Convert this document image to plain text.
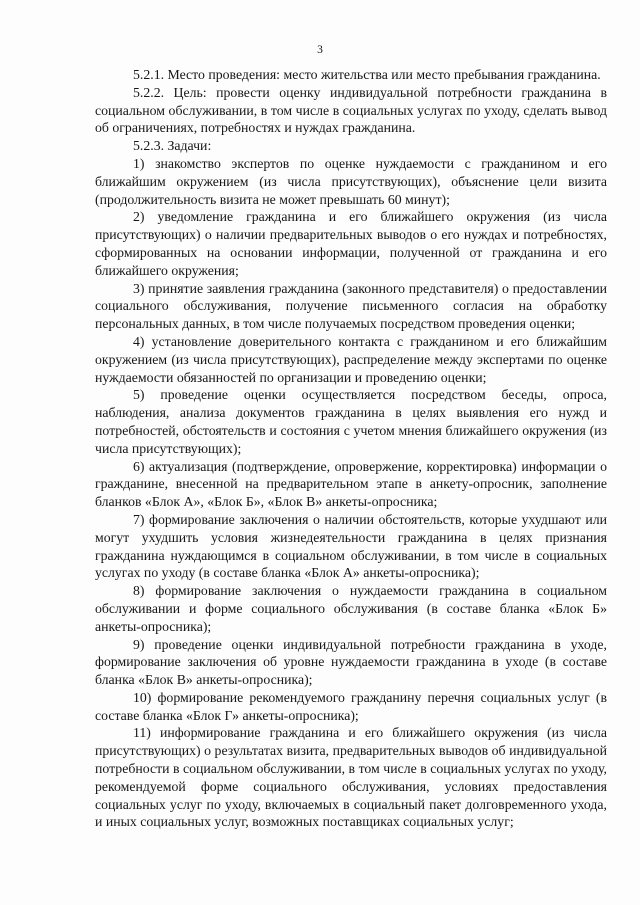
3

5.2.1. Место проведения: место жительства или место пребывания гражданина.

5.2.2. Цель: провести оценку индивидуальной потребности гражданина в социальном обслуживании, в том числе в социальных услугах по уходу, сделать вывод об ограничениях, потребностях и нуждах гражданина.

5.2.3. Задачи:

1) знакомство экспертов по оценке нуждаемости с гражданином и его ближайшим окружением (из числа присутствующих), объяснение цели визита (продолжительность визита не может превышать 60 минут);

2) уведомление гражданина и его ближайшего окружения (из числа присутствующих) о наличии предварительных выводов о его нуждах и потребностях, сформированных на основании информации, полученной от гражданина и его ближайшего окружения;

3) принятие заявления гражданина (законного представителя) о предоставлении социального обслуживания, получение письменного согласия на обработку персональных данных, в том числе получаемых посредством проведения оценки;

4) установление доверительного контакта с гражданином и его ближайшим окружением (из числа присутствующих), распределение между экспертами по оценке нуждаемости обязанностей по организации и проведению оценки;

5) проведение оценки осуществляется посредством беседы, опроса, наблюдения, анализа документов гражданина в целях выявления его нужд и потребностей, обстоятельств и состояния с учетом мнения ближайшего окружения (из числа присутствующих);

6) актуализация (подтверждение, опровержение, корректировка) информации о гражданине, внесенной на предварительном этапе в анкету-опросник, заполнение бланков «Блок А», «Блок Б», «Блок В» анкеты-опросника;

7) формирование заключения о наличии обстоятельств, которые ухудшают или могут ухудшить условия жизнедеятельности гражданина в целях признания гражданина нуждающимся в социальном обслуживании, в том числе в социальных услугах по уходу (в составе бланка «Блок А» анкеты-опросника);

8) формирование заключения о нуждаемости гражданина в социальном обслуживании и форме социального обслуживания (в составе бланка «Блок Б» анкеты-опросника);

9) проведение оценки индивидуальной потребности гражданина в уходе, формирование заключения об уровне нуждаемости гражданина в уходе (в составе бланка «Блок В» анкеты-опросника);

10) формирование рекомендуемого гражданину перечня социальных услуг (в составе бланка «Блок Г» анкеты-опросника);

11) информирование гражданина и его ближайшего окружения (из числа присутствующих) о результатах визита, предварительных выводов об индивидуальной потребности в социальном обслуживании, в том числе в социальных услугах по уходу, рекомендуемой форме социального обслуживания, условиях предоставления социальных услуг по уходу, включаемых в социальный пакет долговременного ухода, и иных социальных услуг, возможных поставщиках социальных услуг;
